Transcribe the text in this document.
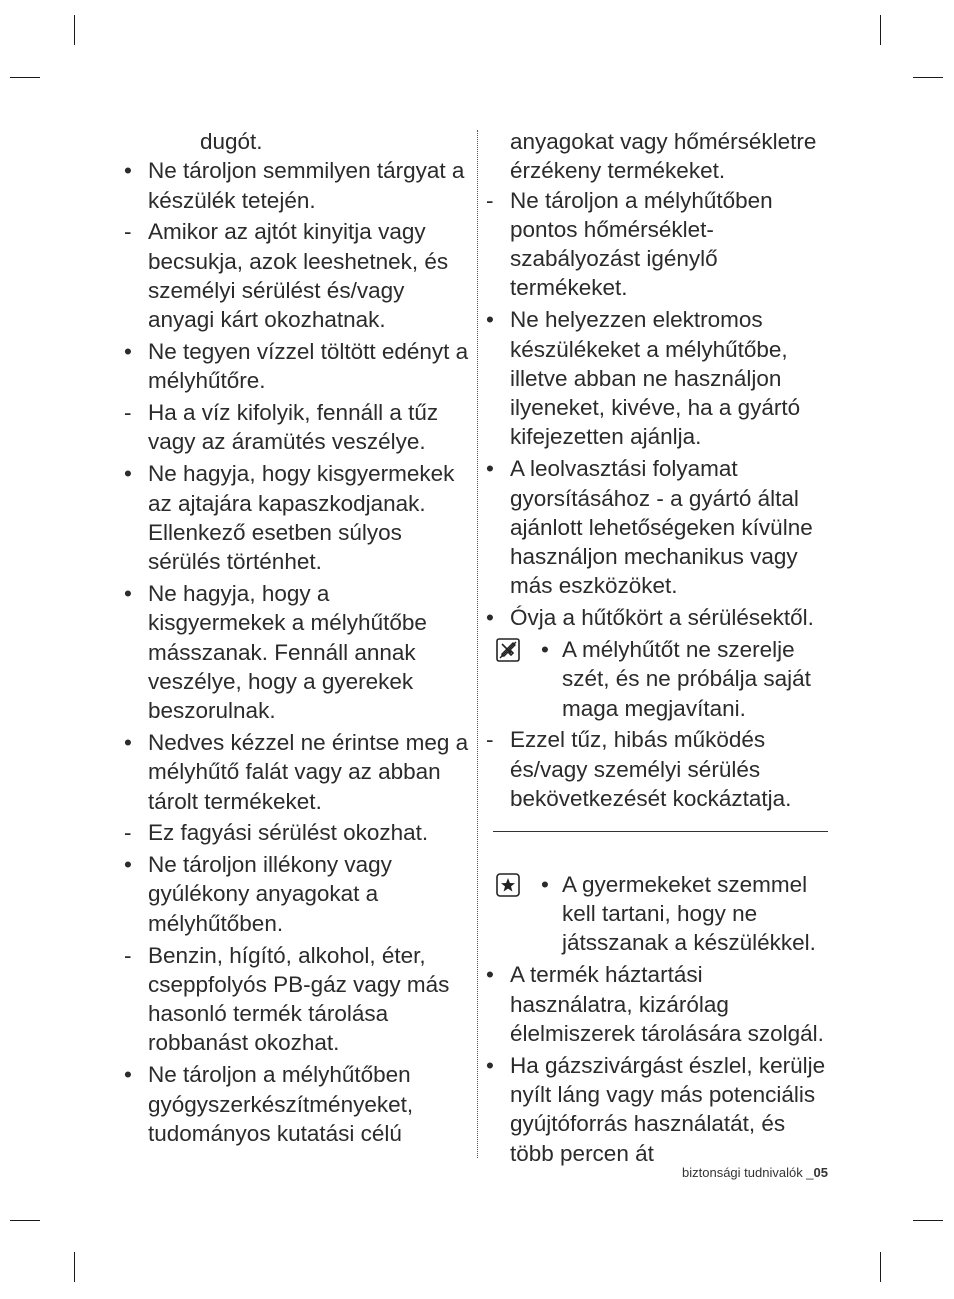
dugót.
• Ne tároljon semmilyen tárgyat a készülék tetején.
- Amikor az ajtót kinyitja vagy becsukja, azok leeshetnek, és személyi sérülést és/vagy anyagi kárt okozhatnak.
• Ne tegyen vízzel töltött edényt a mélyhűtőre.
- Ha a víz kifolyik, fennáll a tűz vagy az áramütés veszélye.
• Ne hagyja, hogy kisgyermekek az ajtajára kapaszkodjanak. Ellenkező esetben súlyos sérülés történhet.
• Ne hagyja, hogy a kisgyermekek a mélyhűtőbe másszanak. Fennáll annak veszélye, hogy a gyerekek beszorulnak.
• Nedves kézzel ne érintse meg a mélyhűtő falát vagy az abban tárolt termékeket.
- Ez fagyási sérülést okozhat.
• Ne tároljon illékony vagy gyúlékony anyagokat a mélyhűtőben.
- Benzin, hígító, alkohol, éter, cseppfolyós PB-gáz vagy más hasonló termék tárolása robbanást okozhat.
• Ne tároljon a mélyhűtőben gyógyszerkészítményeket, tudományos kutatási célú
anyagokat vagy hőmérsékletre érzékeny termékeket.
- Ne tároljon a mélyhűtőben pontos hőmérséklet-szabályozást igénylő termékeket.
• Ne helyezzen elektromos készülékeket a mélyhűtőbe, illetve abban ne használjon ilyeneket, kivéve, ha a gyártó kifejezetten ajánlja.
• A leolvasztási folyamat gyorsításához - a gyártó által ajánlott lehetőségeken kívülne használjon mechanikus vagy más eszközöket.
• Óvja a hűtőkört a sérülésektől.
• A mélyhűtőt ne szerelje szét, és ne próbálja saját maga megjavítani.
- Ezzel tűz, hibás működés és/vagy személyi sérülés bekövetkezését kockáztatja.
• A gyermekeket szemmel kell tartani, hogy ne játsszanak a készülékkel.
• A termék háztartási használatra, kizárólag élelmiszerek tárolására szolgál.
• Ha gázszivárgást észlel, kerülje nyílt láng vagy más potenciális gyújtóforrás használatát, és több percen át
biztonsági tudnivalók _05
